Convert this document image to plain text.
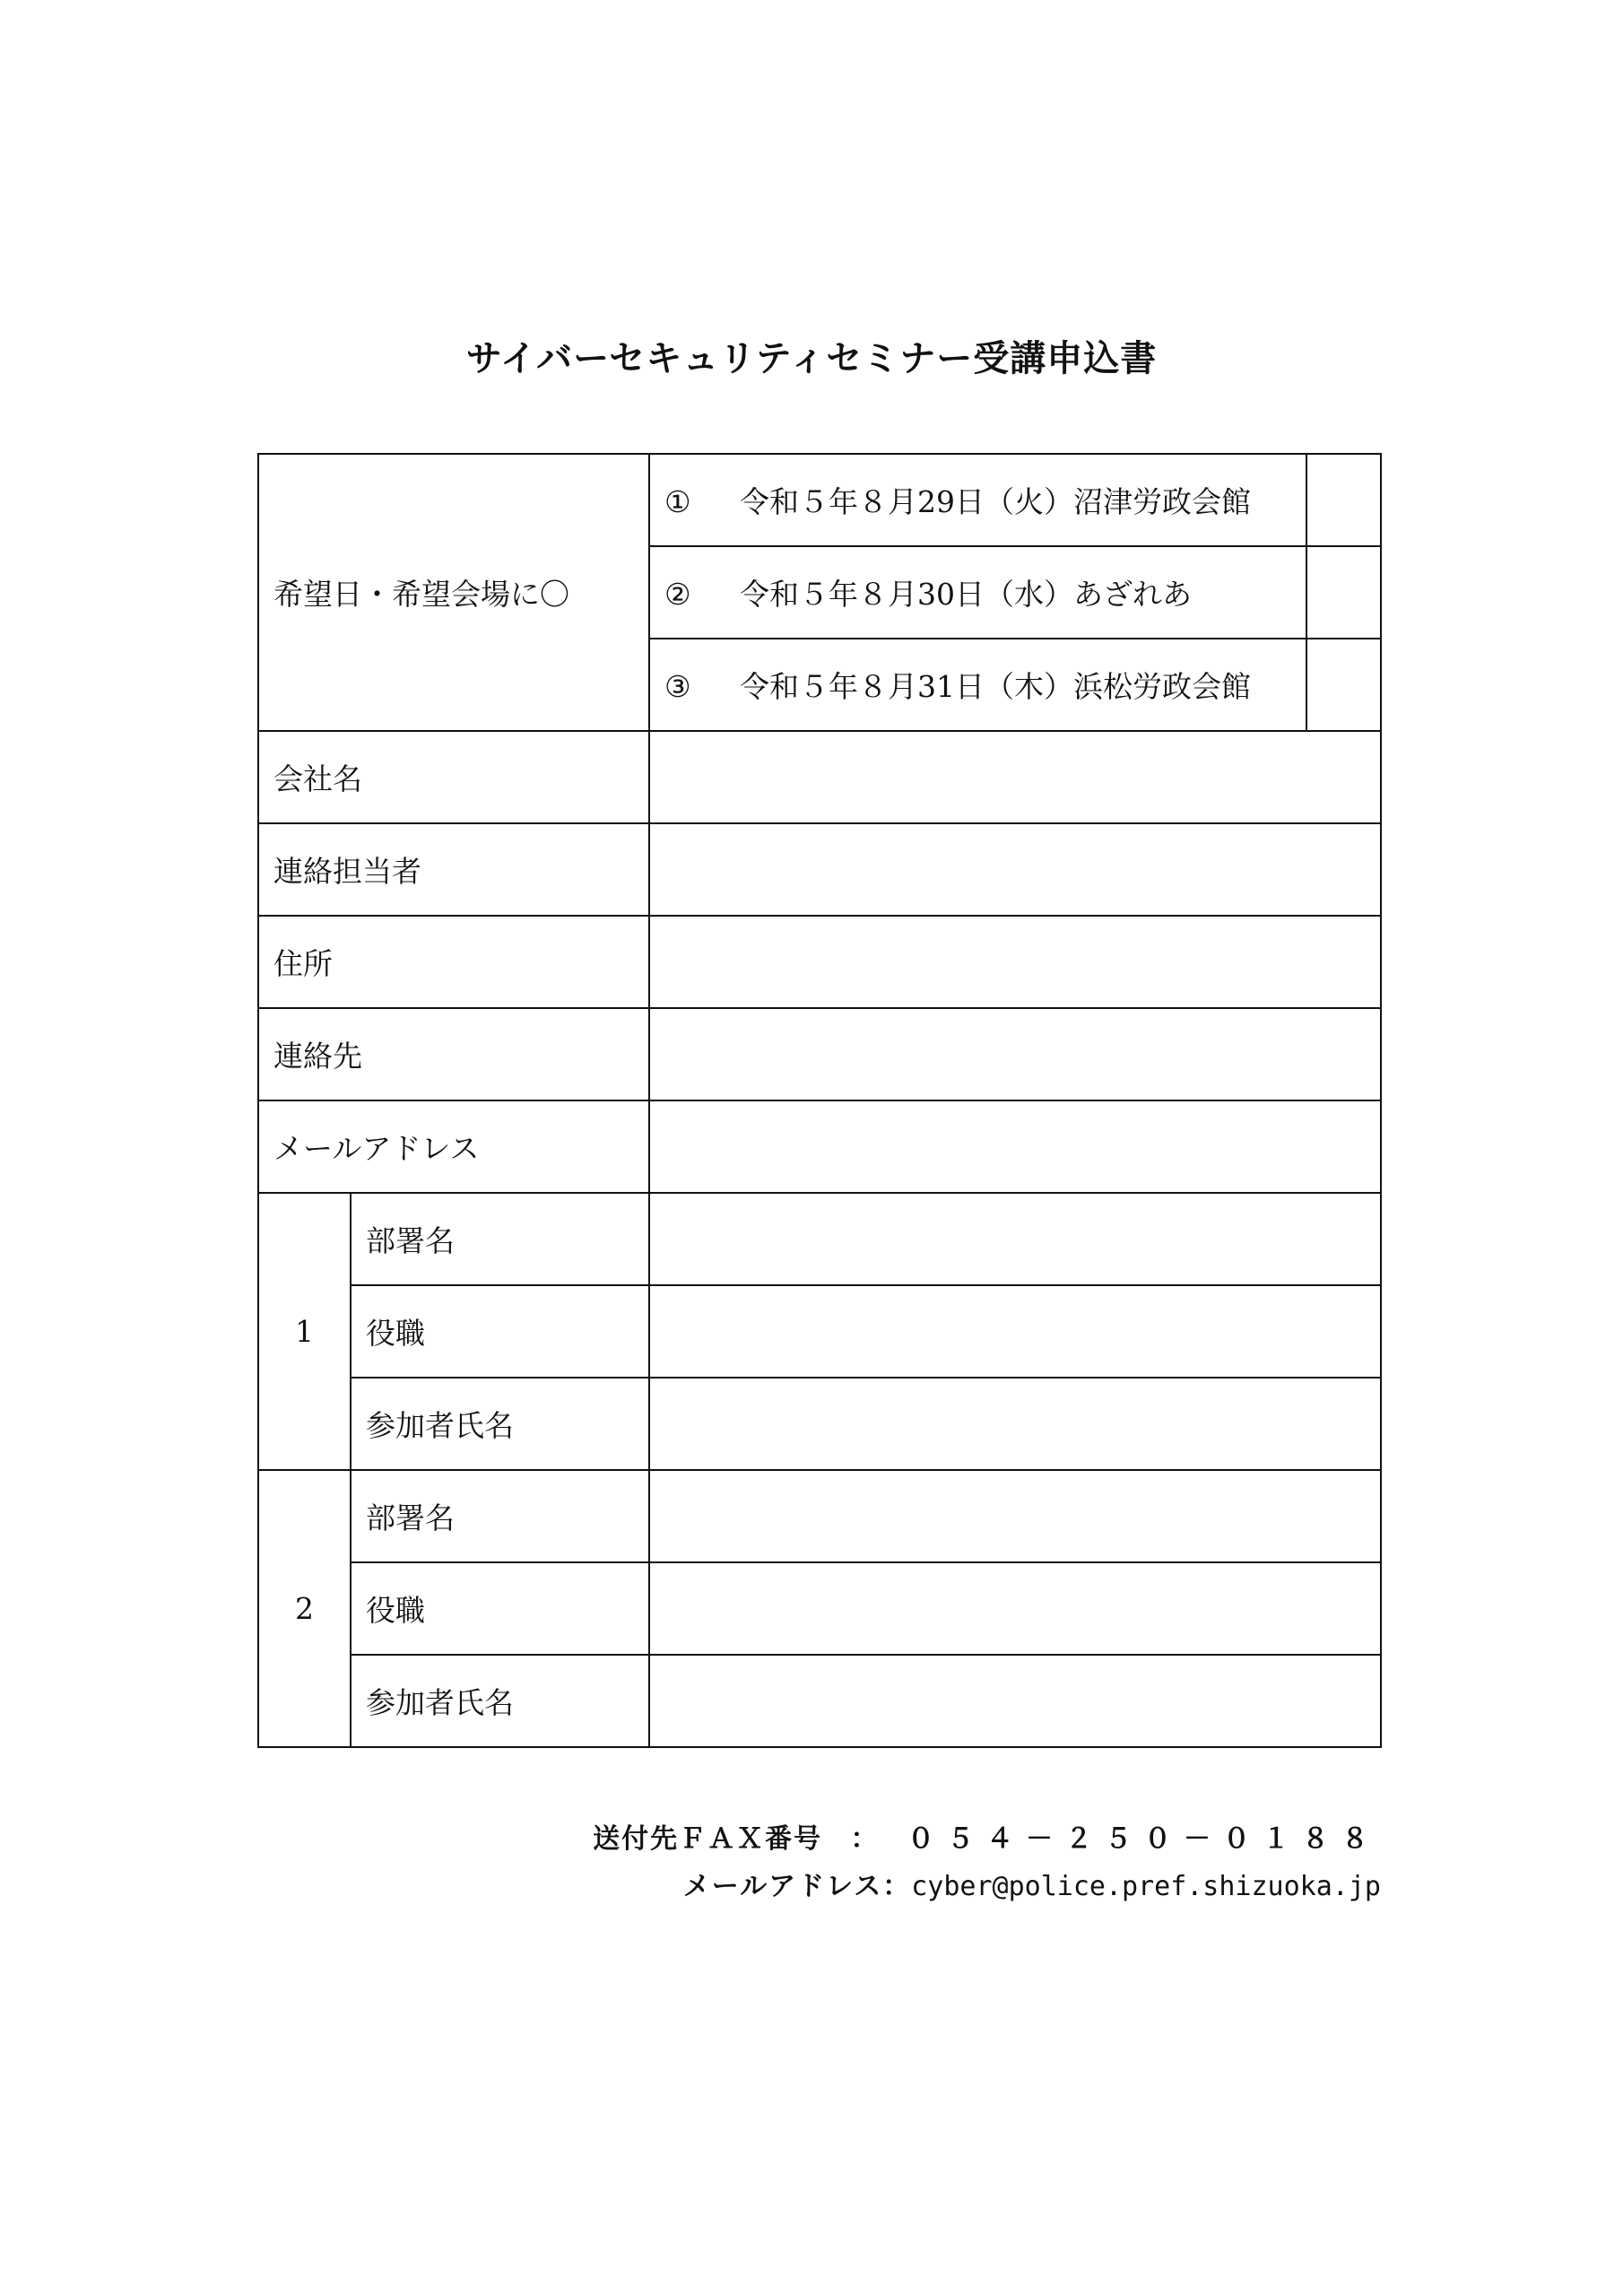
サイバーセキュリティセミナー受講申込書
希望日・希望会場に〇		① 令和５年８月29日（火）沼津労政会館	
		② 令和５年８月30日（水）あざれあ	
		③ 令和５年８月31日（木）浜松労政会館	
会社名			
連絡担当者			
住所			
連絡先			
メールアドレス			
1	部署名		
	役職		
	参加者氏名		
2	部署名		
	役職		
	参加者氏名		
送付先ＦＡＸ番号 ： ０５４－２５０－０１８８
メールアドレス：cyber@police.pref.shizuoka.jp
